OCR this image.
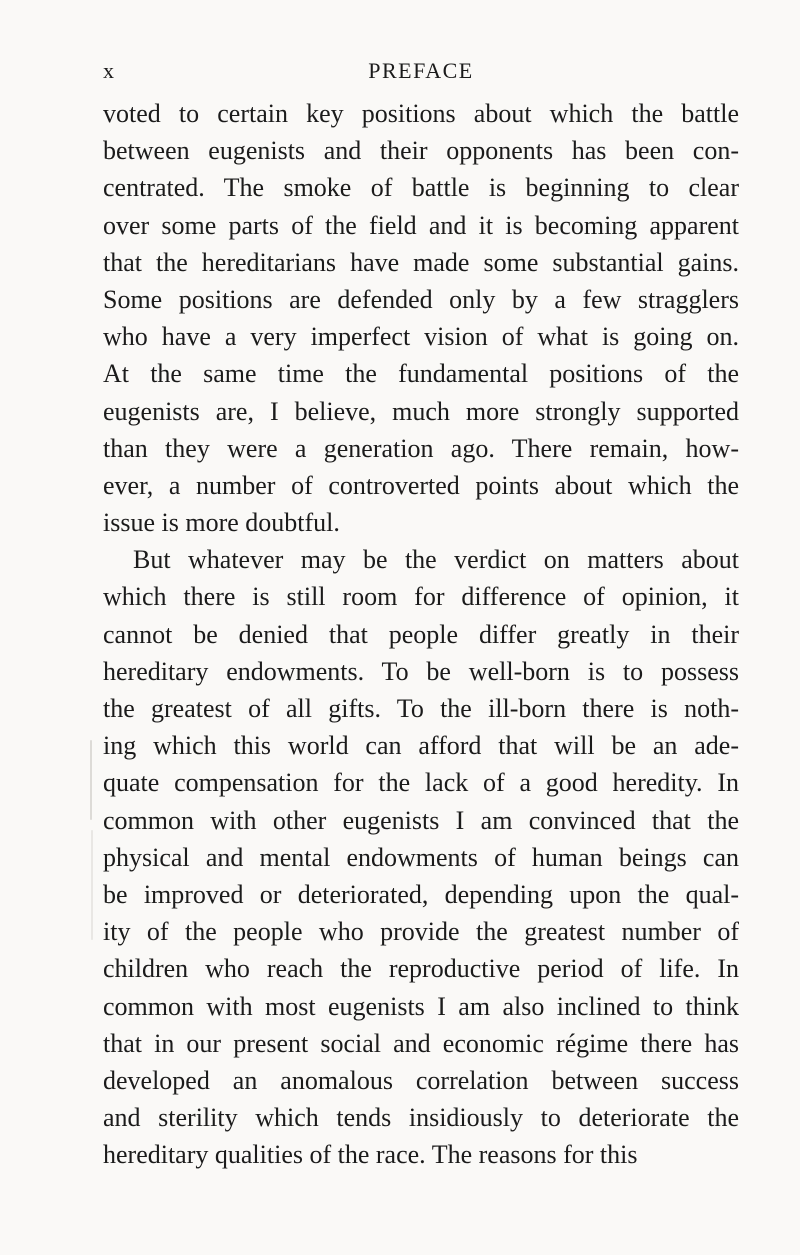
x	PREFACE
voted to certain key positions about which the battle
between eugenists and their opponents has been con-
centrated. The smoke of battle is beginning to clear
over some parts of the field and it is becoming apparent
that the hereditarians have made some substantial gains.
Some positions are defended only by a few stragglers
who have a very imperfect vision of what is going on.
At the same time the fundamental positions of the
eugenists are, I believe, much more strongly supported
than they were a generation ago. There remain, how-
ever, a number of controverted points about which the
issue is more doubtful.
But whatever may be the verdict on matters about
which there is still room for difference of opinion, it
cannot be denied that people differ greatly in their
hereditary endowments. To be well-born is to possess
the greatest of all gifts. To the ill-born there is noth-
ing which this world can afford that will be an ade-
quate compensation for the lack of a good heredity. In
common with other eugenists I am convinced that the
physical and mental endowments of human beings can
be improved or deteriorated, depending upon the qual-
ity of the people who provide the greatest number of
children who reach the reproductive period of life. In
common with most eugenists I am also inclined to think
that in our present social and economic régime there has
developed an anomalous correlation between success
and sterility which tends insidiously to deteriorate the
hereditary qualities of the race. The reasons for this
